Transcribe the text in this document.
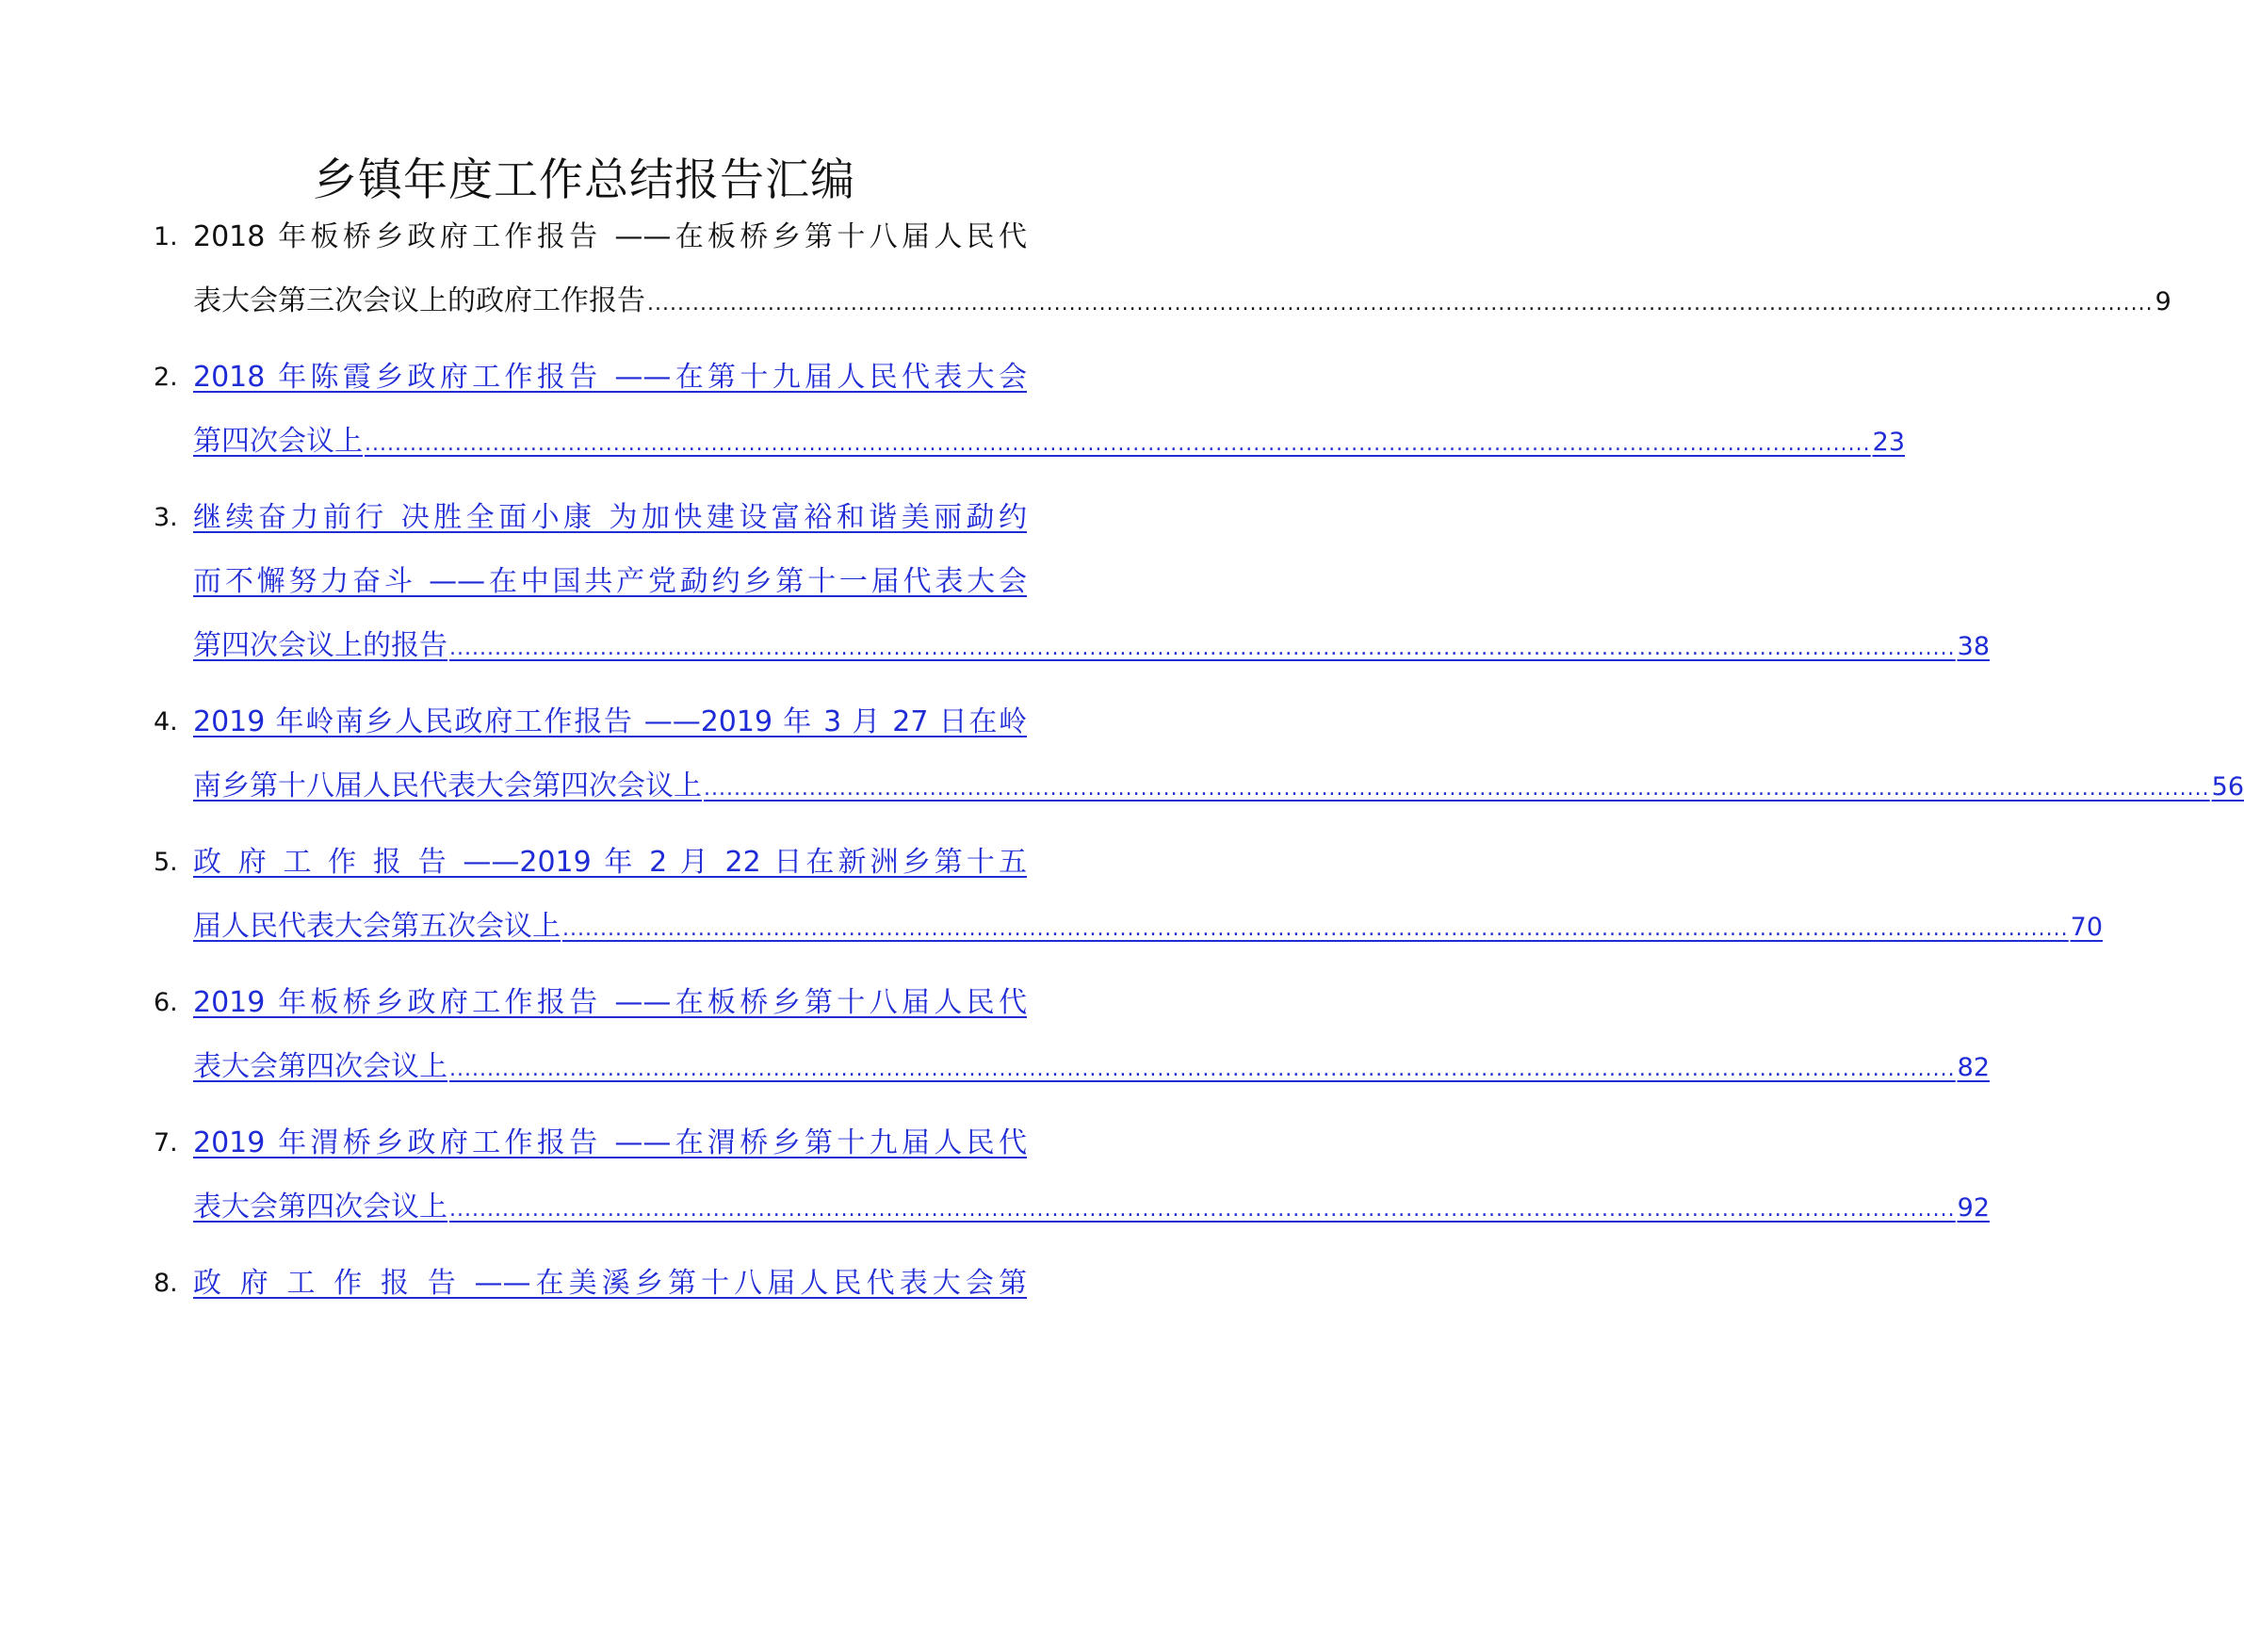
乡镇年度工作总结报告汇编
1. 2018 年板桥乡政府工作报告 ——在板桥乡第十八届人民代
表大会第三次会议上的政府工作报告 ........................................................................................................................................................................................................ 9
2. 2018 年陈霞乡政府工作报告 ——在第十九届人民代表大会
第四次会议上 ........................................................................................................................................................................................................ 23
3. 继续奋力前行 决胜全面小康 为加快建设富裕和谐美丽勐约
而不懈努力奋斗 ——在中国共产党勐约乡第十一届代表大会
第四次会议上的报告 ........................................................................................................................................................................................................ 38
4. 2019 年岭南乡人民政府工作报告 ——2019 年 3 月 27 日在岭
南乡第十八届人民代表大会第四次会议上 ........................................................................................................................................................................................................ 56
5. 政 府 工 作 报 告 ——2019 年 2 月 22 日在新洲乡第十五
届人民代表大会第五次会议上 ........................................................................................................................................................................................................ 70
6. 2019 年板桥乡政府工作报告 ——在板桥乡第十八届人民代
表大会第四次会议上 ........................................................................................................................................................................................................ 82
7. 2019 年渭桥乡政府工作报告 ——在渭桥乡第十九届人民代
表大会第四次会议上 ........................................................................................................................................................................................................ 92
8. 政 府 工 作 报 告 ——在美溪乡第十八届人民代表大会第
